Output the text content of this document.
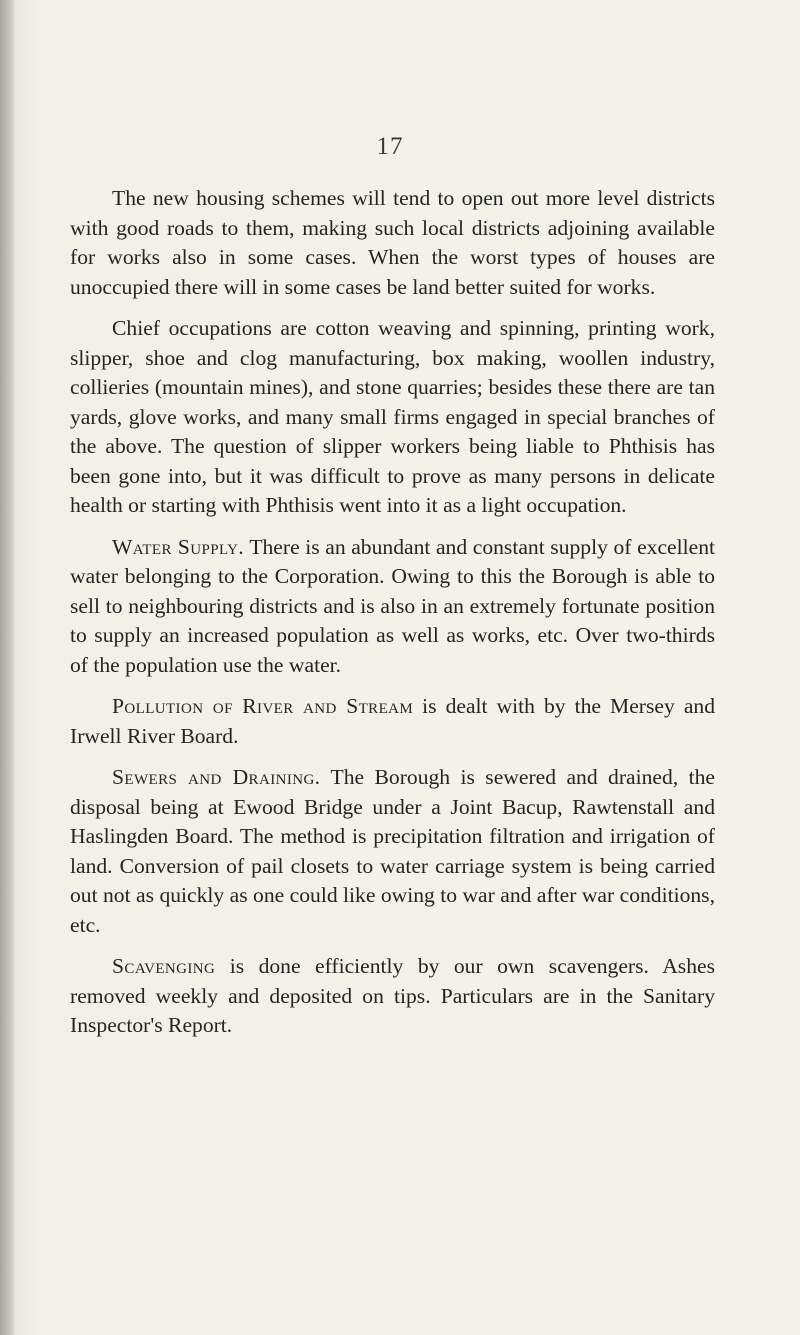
17

The new housing schemes will tend to open out more level districts with good roads to them, making such local districts adjoining available for works also in some cases. When the worst types of houses are unoccupied there will in some cases be land better suited for works.

Chief occupations are cotton weaving and spinning, printing work, slipper, shoe and clog manufacturing, box making, woollen industry, collieries (mountain mines), and stone quarries; besides these there are tan yards, glove works, and many small firms engaged in special branches of the above. The question of slipper workers being liable to Phthisis has been gone into, but it was difficult to prove as many persons in delicate health or starting with Phthisis went into it as a light occupation.

Water Supply. There is an abundant and constant supply of excellent water belonging to the Corporation. Owing to this the Borough is able to sell to neighbouring districts and is also in an extremely fortunate position to supply an increased population as well as works, etc. Over two-thirds of the population use the water.

Pollution of River and Stream is dealt with by the Mersey and Irwell River Board.

Sewers and Draining. The Borough is sewered and drained, the disposal being at Ewood Bridge under a Joint Bacup, Rawtenstall and Haslingden Board. The method is precipitation filtration and irrigation of land. Conversion of pail closets to water carriage system is being carried out not as quickly as one could like owing to war and after war conditions, etc.

Scavenging is done efficiently by our own scavengers. Ashes removed weekly and deposited on tips. Particulars are in the Sanitary Inspector's Report.
